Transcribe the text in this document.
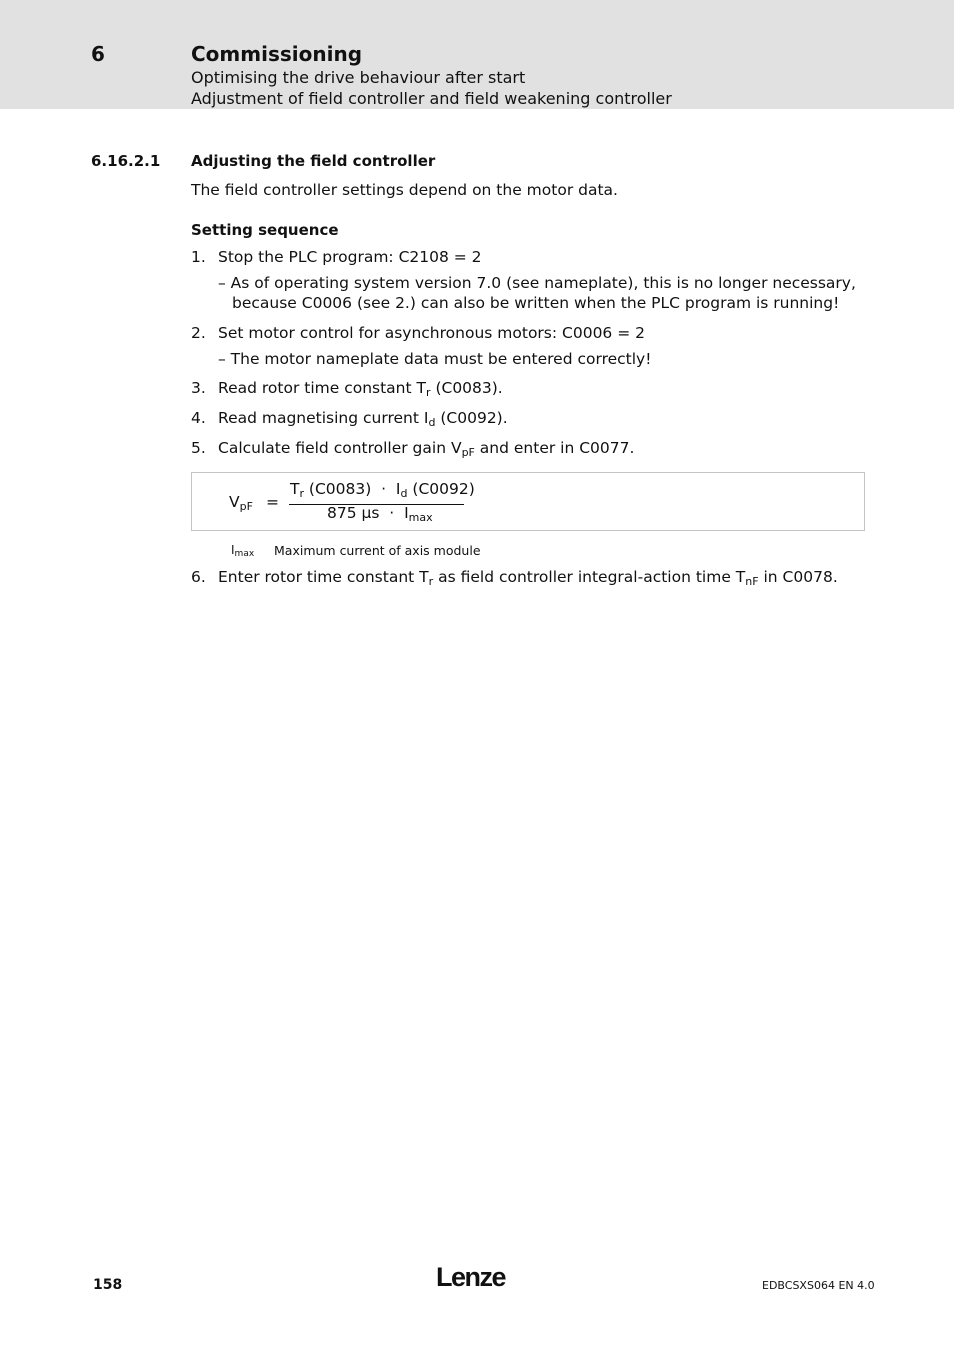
6	Commissioning
Optimising the drive behaviour after start
Adjustment of field controller and field weakening controller
6.16.2.1 Adjusting the field controller
The field controller settings depend on the motor data.
Setting sequence
1. Stop the PLC program: C2108 = 2
– As of operating system version 7.0 (see nameplate), this is no longer necessary,
because C0006 (see 2.) can also be written when the PLC program is running!
2. Set motor control for asynchronous motors: C0006 = 2
– The motor nameplate data must be entered correctly!
3. Read rotor time constant $T_r$ (C0083).
4. Read magnetising current $I_d$ (C0092).
5. Calculate field controller gain $V_{pF}$ and enter in C0077.
$V_{pF}$ =
$T_r$ $(C0083) \cdot I_d$ (C0092)
875 $\mu s \cdot I_{max}$
$I_{max}$ Maximum current of axis module
6. Enter rotor time constant $T_r$ as field controller integral-action time $T_{nF}$ in C0078.
158	Lenze	EDBCSXS064 EN 4.0
